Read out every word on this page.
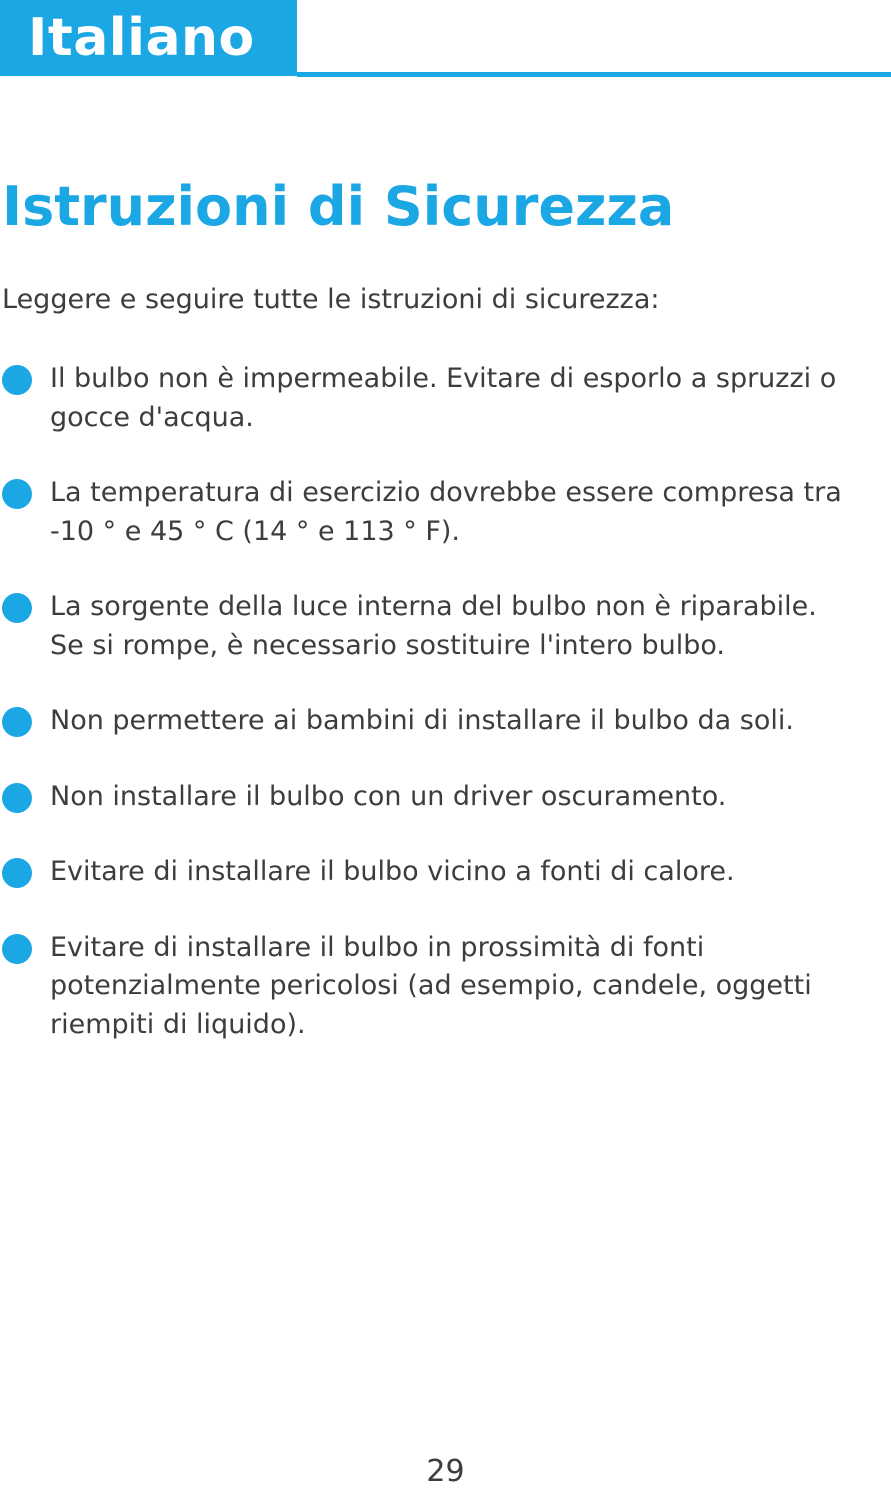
Italiano
Istruzioni di Sicurezza

Leggere e seguire tutte le istruzioni di sicurezza:

Il bulbo non è impermeabile. Evitare di esporlo a spruzzi o gocce d'acqua.
La temperatura di esercizio dovrebbe essere compresa tra -10 ° e 45 ° C (14 ° e 113 ° F).
La sorgente della luce interna del bulbo non è riparabile. Se si rompe, è necessario sostituire l'intero bulbo.
Non permettere ai bambini di installare il bulbo da soli.
Non installare il bulbo con un driver oscuramento.
Evitare di installare il bulbo vicino a fonti di calore.
Evitare di installare il bulbo in prossimità di fonti potenzialmente pericolosi (ad esempio, candele, oggetti riempiti di liquido).
29
